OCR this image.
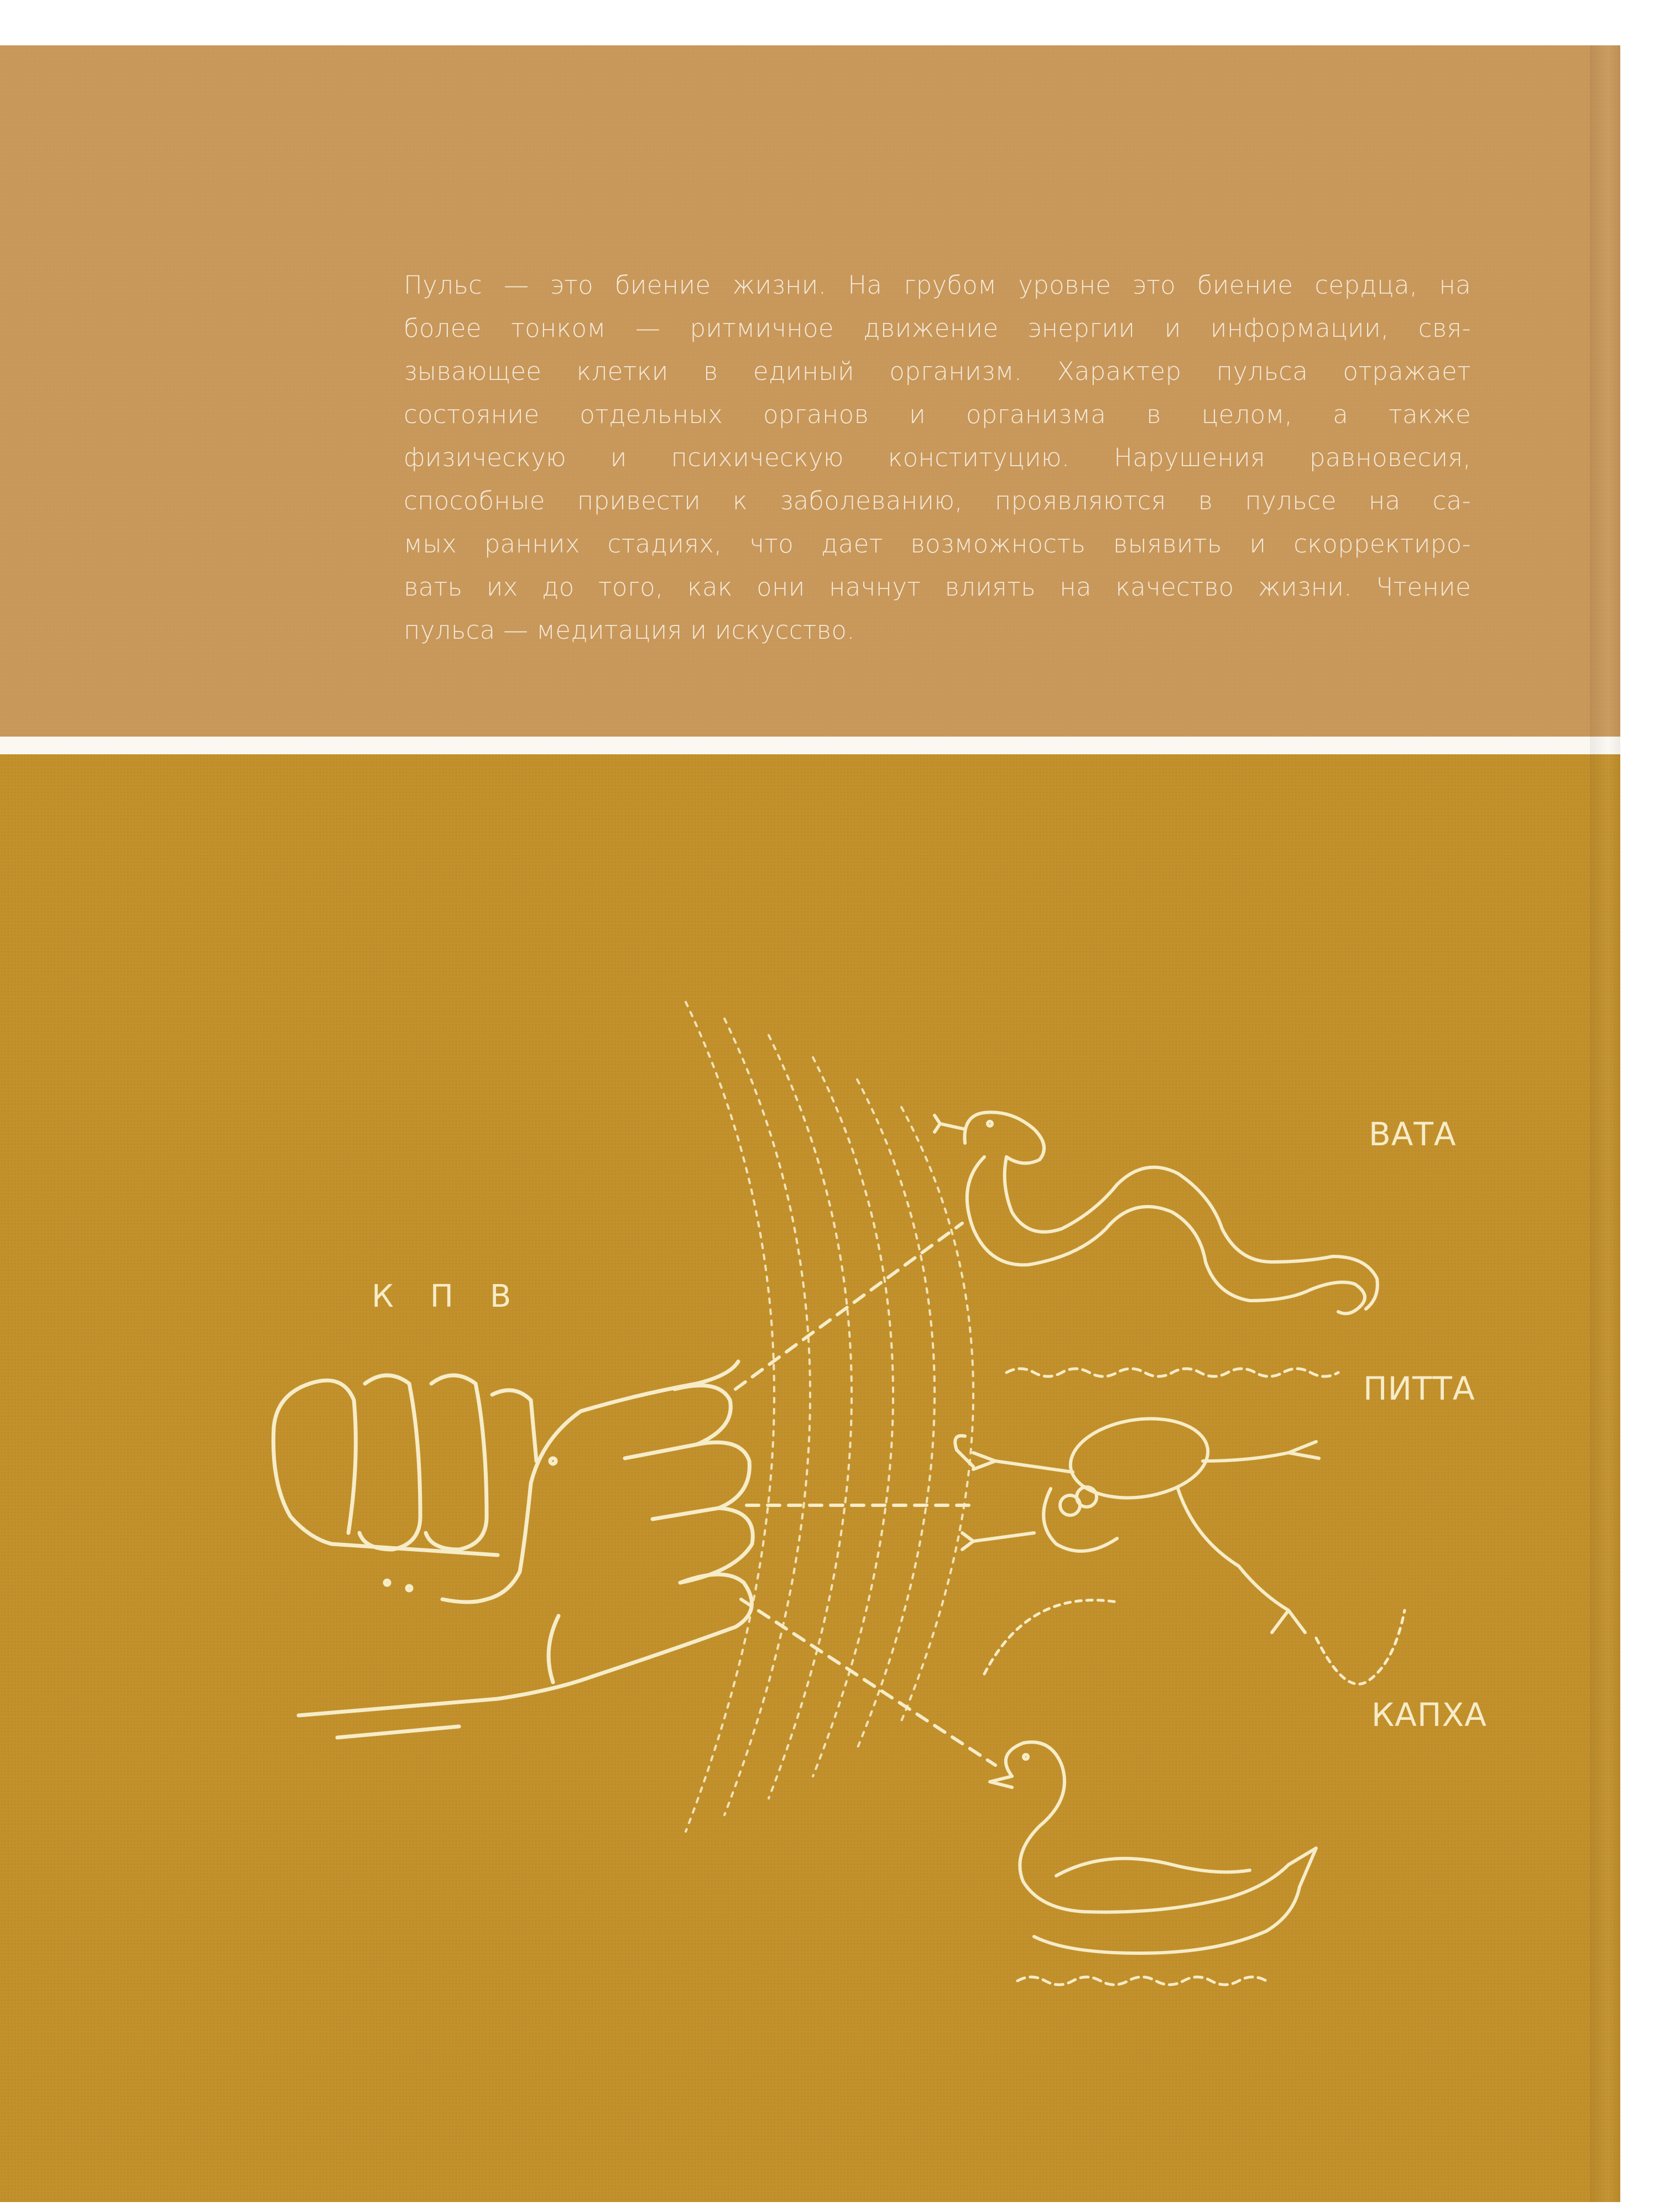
Пульс — это биение жизни. На грубом уровне это биение сердца, на
более тонком — ритмичное движение энергии и информации, свя-
зывающее клетки в единый организм. Характер пульса отражает
состояние отдельных органов и организма в целом, а также
физическую и психическую конституцию. Нарушения равновесия,
способные привести к заболеванию, проявляются в пульсе на са-
мых ранних стадиях, что дает возможность выявить и скорректиро-
вать их до того, как они начнут влиять на качество жизни. Чтение
пульса — медитация и искусство.

К П В
ВАТА
ПИТТА
КАПХА
